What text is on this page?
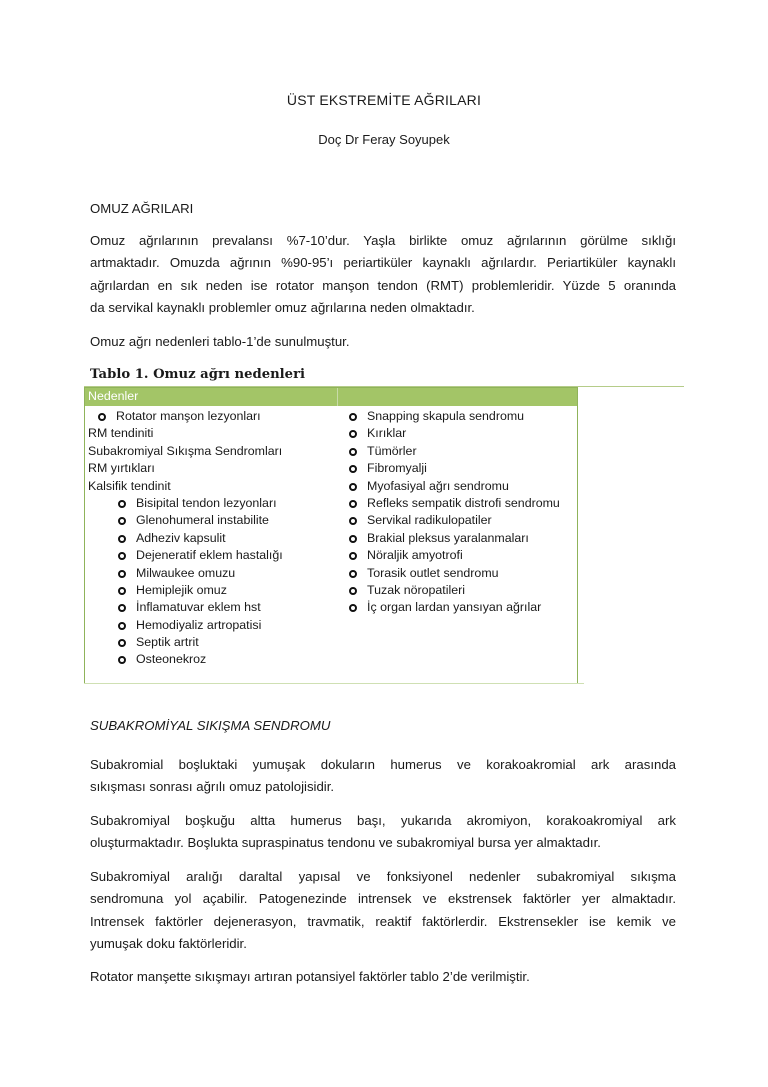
ÜST EKSTREMİTE AĞRILARI
Doç Dr Feray Soyupek
OMUZ AĞRILARI
Omuz ağrılarının prevalansı %7-10’dur. Yaşla birlikte omuz ağrılarının görülme sıklığı
artmaktadır. Omuzda ağrının %90-95’ı periartiküler kaynaklı ağrılardır. Periartiküler kaynaklı
ağrılardan en sık neden ise rotator manşon tendon (RMT) problemleridir. Yüzde 5 oranında
da servikal kaynaklı problemler omuz ağrılarına neden olmaktadır.
Omuz ağrı nedenleri tablo-1’de sunulmuştur.
Tablo 1. Omuz ağrı nedenleri
Nedenler
Rotator manşon lezyonları
RM tendiniti
Subakromiyal Sıkışma Sendromları
RM yırtıkları
Kalsifik tendinit
Bisipital tendon lezyonları
Glenohumeral instabilite
Adheziv kapsulit
Dejeneratif eklem hastalığı
Milwaukee omuzu
Hemiplejik omuz
İnflamatuvar eklem hst
Hemodiyaliz artropatisi
Septik artrit
Osteonekroz
Snapping skapula sendromu
Kırıklar
Tümörler
Fibromyalji
Myofasiyal ağrı sendromu
Refleks sempatik distrofi sendromu
Servikal radikulopatiler
Brakial pleksus yaralanmaları
Nöraljik amyotrofi
Torasik outlet sendromu
Tuzak nöropatileri
İç organ lardan yansıyan ağrılar
SUBAKROMİYAL SIKIŞMA SENDROMU
Subakromial boşluktaki yumuşak dokuların humerus ve korakoakromial ark arasında
sıkışması sonrası ağrılı omuz patolojisidir.
Subakromiyal boşkuğu altta humerus başı, yukarıda akromiyon, korakoakromiyal ark
oluşturmaktadır. Boşlukta supraspinatus tendonu ve subakromiyal bursa yer almaktadır.
Subakromiyal aralığı daraltal yapısal ve fonksiyonel nedenler subakromiyal sıkışma
sendromuna yol açabilir. Patogenezinde intrensek ve ekstrensek faktörler yer almaktadır.
Intrensek faktörler dejenerasyon, travmatik, reaktif faktörlerdir. Ekstrensekler ise kemik ve
yumuşak doku faktörleridir.
Rotator manşette sıkışmayı artıran potansiyel faktörler tablo 2’de verilmiştir.
